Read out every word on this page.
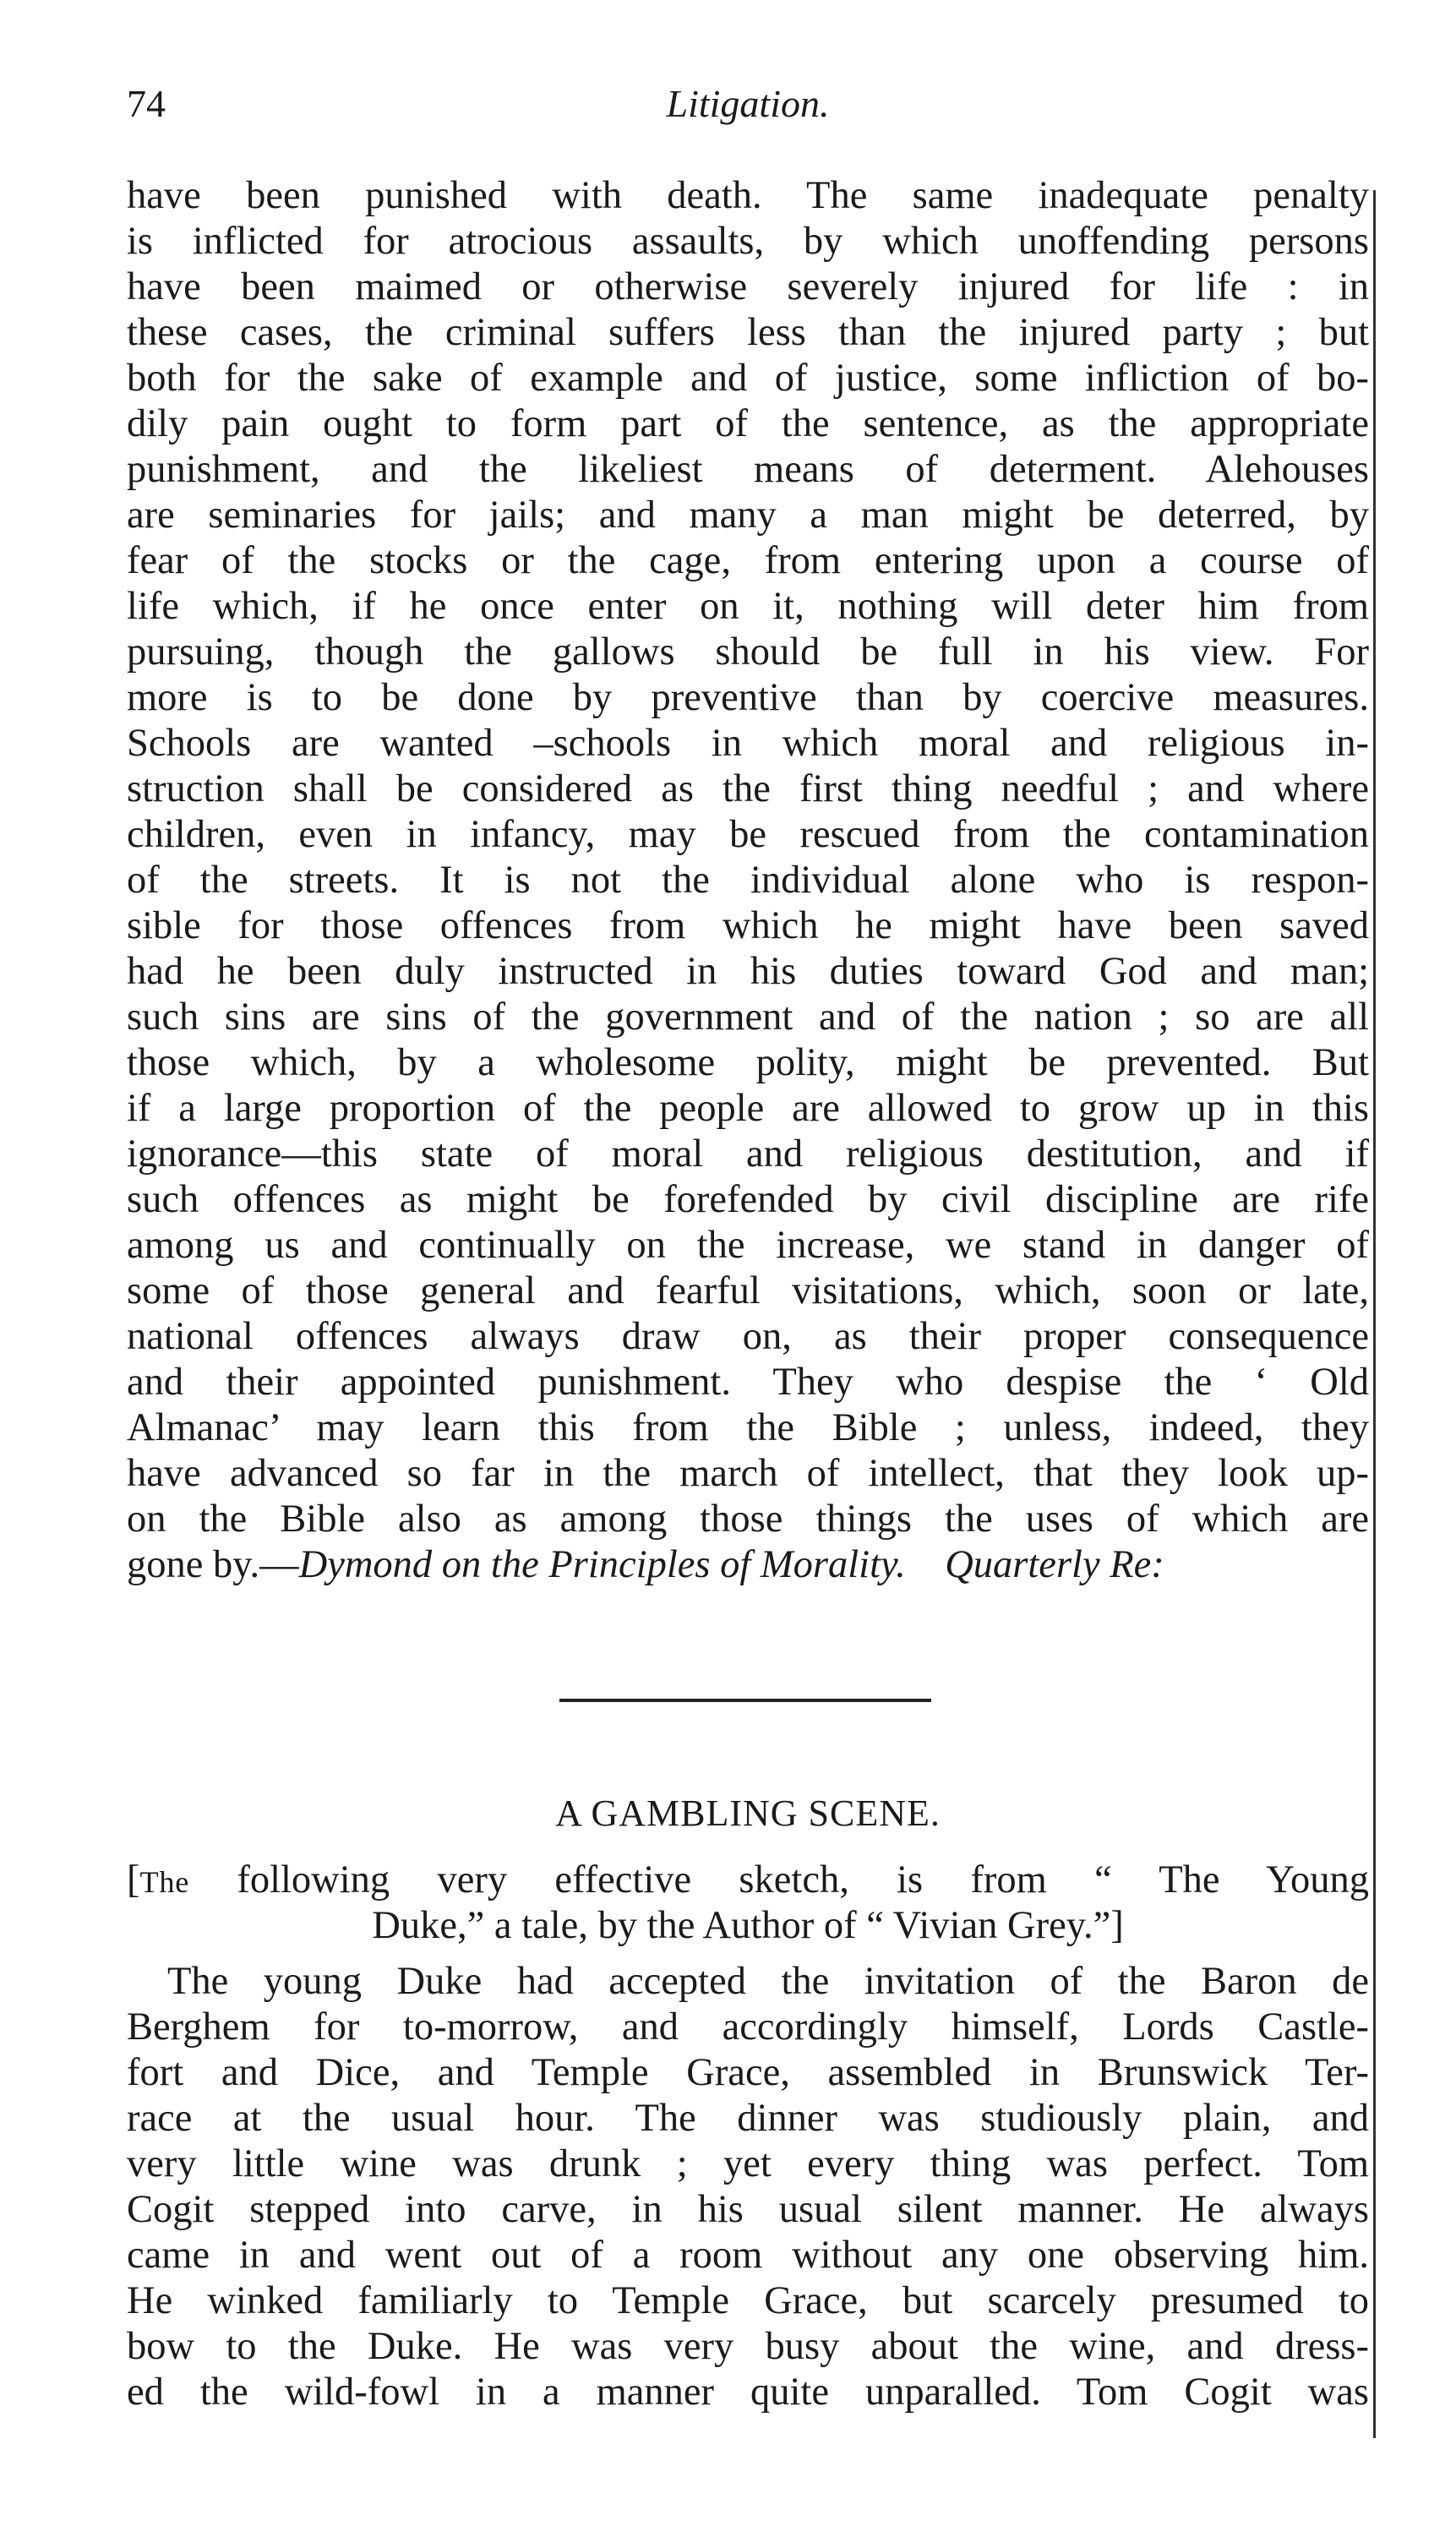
74	Litigation.
have been punished with death. The same inadequate penalty
is inflicted for atrocious assaults, by which unoffending persons
have been maimed or otherwise severely injured for life : in
these cases, the criminal suffers less than the injured party ; but
both for the sake of example and of justice, some infliction of bo-
dily pain ought to form part of the sentence, as the appropriate
punishment, and the likeliest means of determent. Alehouses
are seminaries for jails; and many a man might be deterred, by
fear of the stocks or the cage, from entering upon a course of
life which, if he once enter on it, nothing will deter him from
pursuing, though the gallows should be full in his view. For
more is to be done by preventive than by coercive measures.
Schools are wanted –schools in which moral and religious in-
struction shall be considered as the first thing needful ; and where
children, even in infancy, may be rescued from the contamination
of the streets. It is not the individual alone who is respon-
sible for those offences from which he might have been saved
had he been duly instructed in his duties toward God and man;
such sins are sins of the government and of the nation ; so are all
those which, by a wholesome polity, might be prevented. But
if a large proportion of the people are allowed to grow up in this
ignorance—this state of moral and religious destitution, and if
such offences as might be forefended by civil discipline are rife
among us and continually on the increase, we stand in danger of
some of those general and fearful visitations, which, soon or late,
national offences always draw on, as their proper consequence
and their appointed punishment. They who despise the ‘ Old
Almanac’ may learn this from the Bible ; unless, indeed, they
have advanced so far in the march of intellect, that they look up-
on the Bible also as among those things the uses of which are
gone by.—Dymond on the Principles of Morality. Quarterly Re:
A GAMBLING SCENE.
[The following very effective sketch, is from “ The Young
Duke,” a tale, by the Author of “ Vivian Grey.”]
The young Duke had accepted the invitation of the Baron de
Berghem for to-morrow, and accordingly himself, Lords Castle-
fort and Dice, and Temple Grace, assembled in Brunswick Ter-
race at the usual hour. The dinner was studiously plain, and
very little wine was drunk ; yet every thing was perfect. Tom
Cogit stepped into carve, in his usual silent manner. He always
came in and went out of a room without any one observing him.
He winked familiarly to Temple Grace, but scarcely presumed to
bow to the Duke. He was very busy about the wine, and dress-
ed the wild-fowl in a manner quite unparalled. Tom Cogit was
